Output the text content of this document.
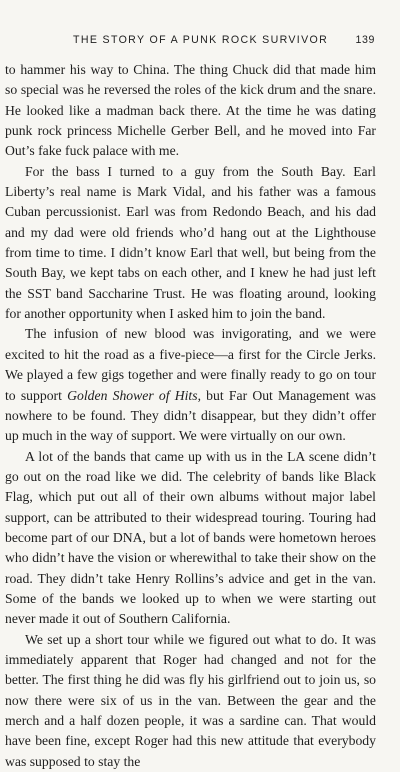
THE STORY OF A PUNK ROCK SURVIVOR	139

to hammer his way to China. The thing Chuck did that made him so special was he reversed the roles of the kick drum and the snare. He looked like a madman back there. At the time he was dating punk rock princess Michelle Gerber Bell, and he moved into Far Out’s fake fuck palace with me.

For the bass I turned to a guy from the South Bay. Earl Liberty’s real name is Mark Vidal, and his father was a famous Cuban percussionist. Earl was from Redondo Beach, and his dad and my dad were old friends who’d hang out at the Lighthouse from time to time. I didn’t know Earl that well, but being from the South Bay, we kept tabs on each other, and I knew he had just left the SST band Saccharine Trust. He was floating around, looking for another opportunity when I asked him to join the band.

The infusion of new blood was invigorating, and we were excited to hit the road as a five-piece—a first for the Circle Jerks. We played a few gigs together and were finally ready to go on tour to support Golden Shower of Hits, but Far Out Management was nowhere to be found. They didn’t disappear, but they didn’t offer up much in the way of support. We were virtually on our own.

A lot of the bands that came up with us in the LA scene didn’t go out on the road like we did. The celebrity of bands like Black Flag, which put out all of their own albums without major label support, can be attributed to their widespread touring. Touring had become part of our DNA, but a lot of bands were hometown heroes who didn’t have the vision or wherewithal to take their show on the road. They didn’t take Henry Rollins’s advice and get in the van. Some of the bands we looked up to when we were starting out never made it out of Southern California.

We set up a short tour while we figured out what to do. It was immediately apparent that Roger had changed and not for the better. The first thing he did was fly his girlfriend out to join us, so now there were six of us in the van. Between the gear and the merch and a half dozen people, it was a sardine can. That would have been fine, except Roger had this new attitude that everybody was supposed to stay the
